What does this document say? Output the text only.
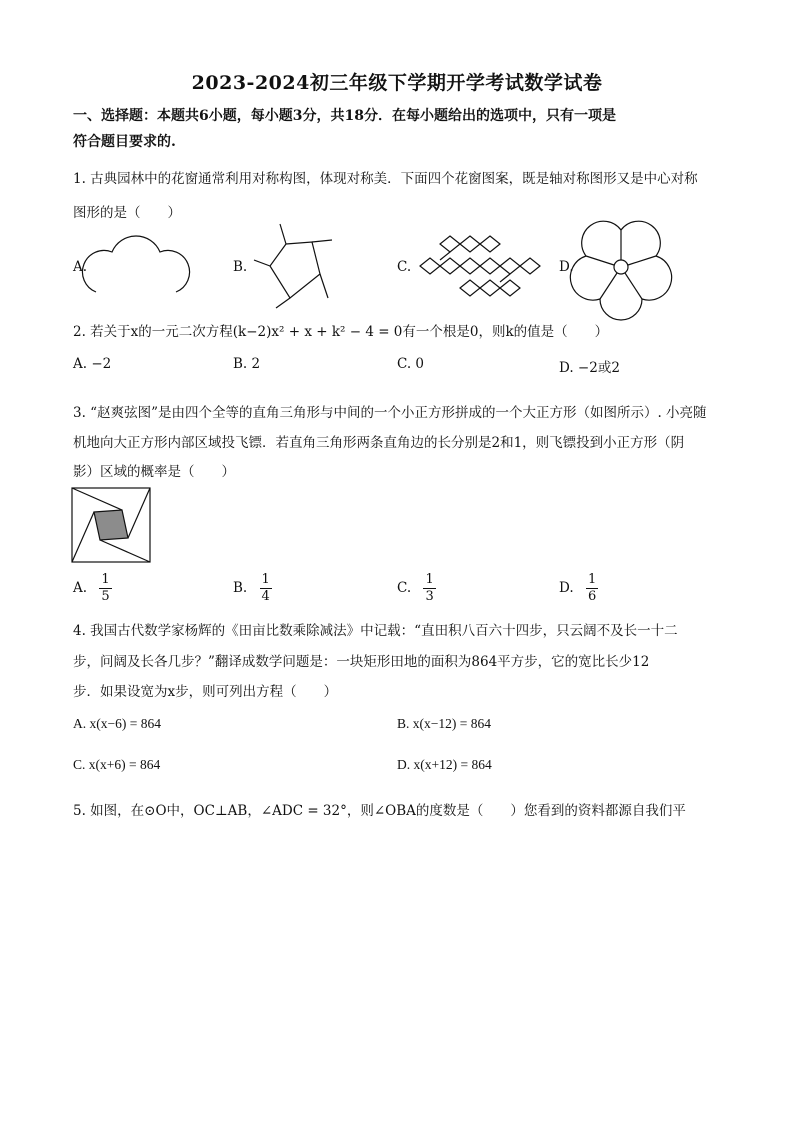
2023-2024初三年级下学期开学考试数学试卷
一、选择题：本题共6小题，每小题3分，共18分．在每小题给出的选项中，只有一项是
符合题目要求的.
1. 古典园林中的花窗通常利用对称构图，体现对称美．下面四个花窗图案，既是轴对称图形又是中心对称
图形的是（　　）
A.	B.	C.	D.
2. 若关于x的一元二次方程(k−2)x² + x + k² − 4 = 0有一个根是0，则k的值是（　　）
A. −2	B. 2	C. 0	D. −2或2
3. “赵爽弦图”是由四个全等的直角三角形与中间的一个小正方形拼成的一个大正方形（如图所示）. 小亮随
机地向大正方形内部区域投飞镖．若直角三角形两条直角边的长分别是2和1，则飞镖投到小正方形（阴
影）区域的概率是（　　）
A. $\frac{1}{5}$	B. $\frac{1}{4}$	C. $\frac{1}{3}$	D. $\frac{1}{6}$
4. 我国古代数学家杨辉的《田亩比数乘除减法》中记载：“直田积八百六十四步，只云阔不及长一十二
步，问阔及长各几步？”翻译成数学问题是：一块矩形田地的面积为864平方步，它的宽比长少12
步．如果设宽为x步，则可列出方程（　　）
A. x(x−6) = 864	B. x(x−12) = 864
C. x(x+6) = 864	D. x(x+12) = 864
5. 如图，在⊙O中，OC⊥AB，∠ADC = 32°，则∠OBA的度数是（　　）您看到的资料都源自我们平
